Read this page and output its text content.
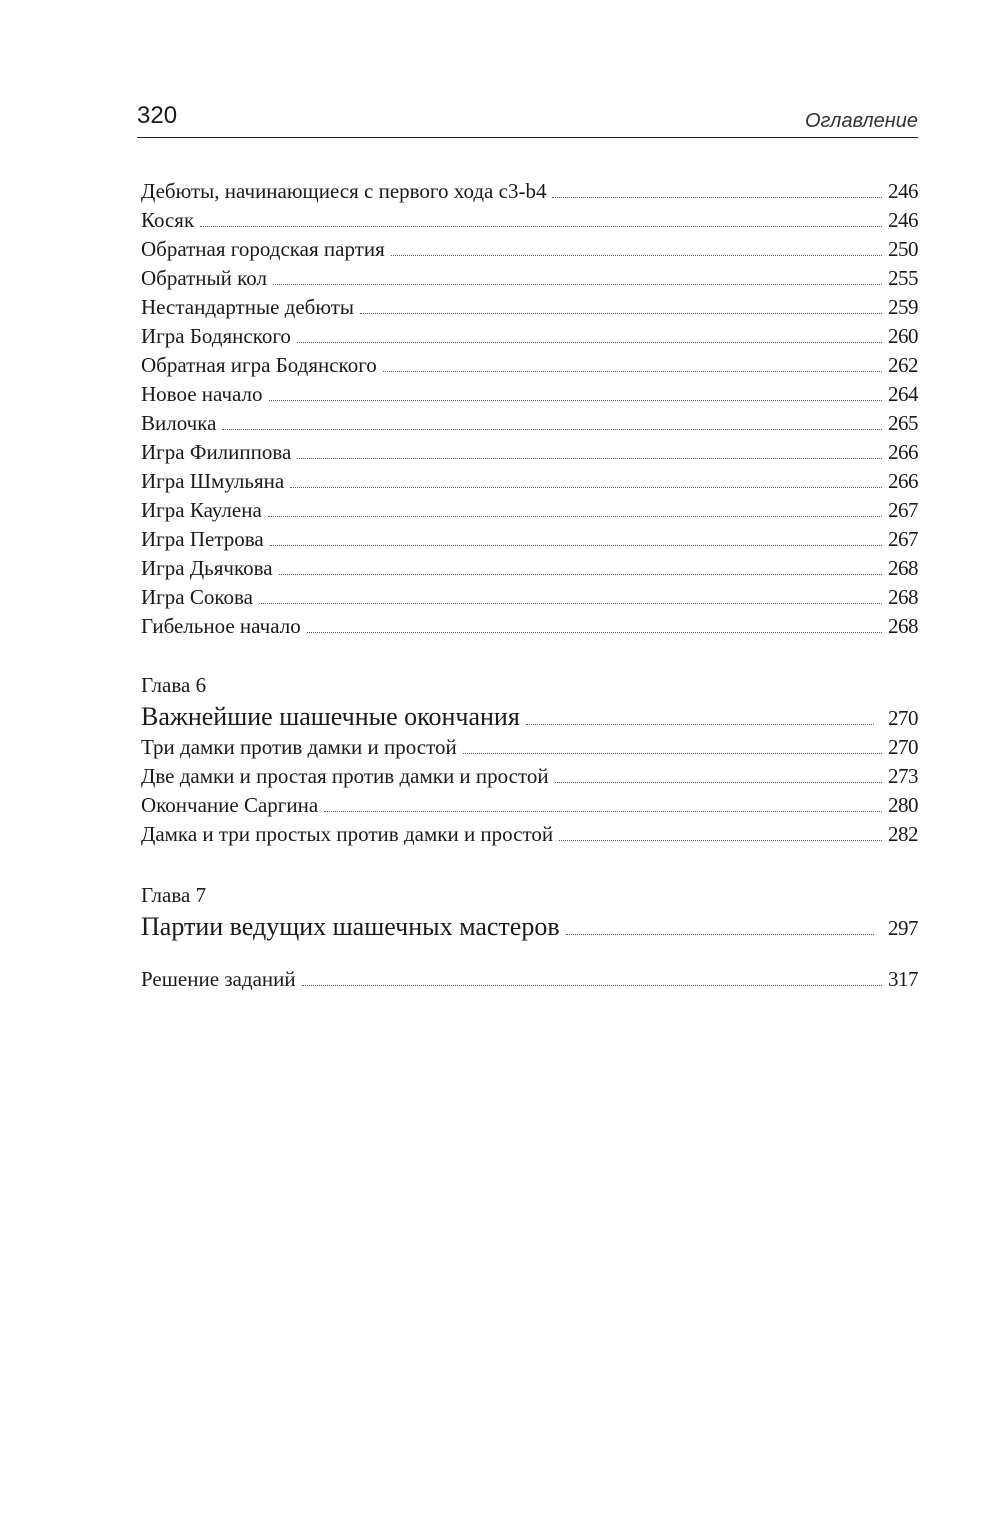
320	Оглавление
Дебюты, начинающиеся с первого хода c3-b4	246
Косяк	246
Обратная городская партия	250
Обратный кол	255
Нестандартные дебюты	259
Игра Бодянского	260
Обратная игра Бодянского	262
Новое начало	264
Вилочка	265
Игра Филиппова	266
Игра Шмульяна	266
Игра Каулена	267
Игра Петрова	267
Игра Дьячкова	268
Игра Сокова	268
Гибельное начало	268
Глава 6
Важнейшие шашечные окончания	270
Три дамки против дамки и простой	270
Две дамки и простая против дамки и простой	273
Окончание Саргина	280
Дамка и три простых против дамки и простой	282
Глава 7
Партии ведущих шашечных мастеров	297
Решение заданий	317
